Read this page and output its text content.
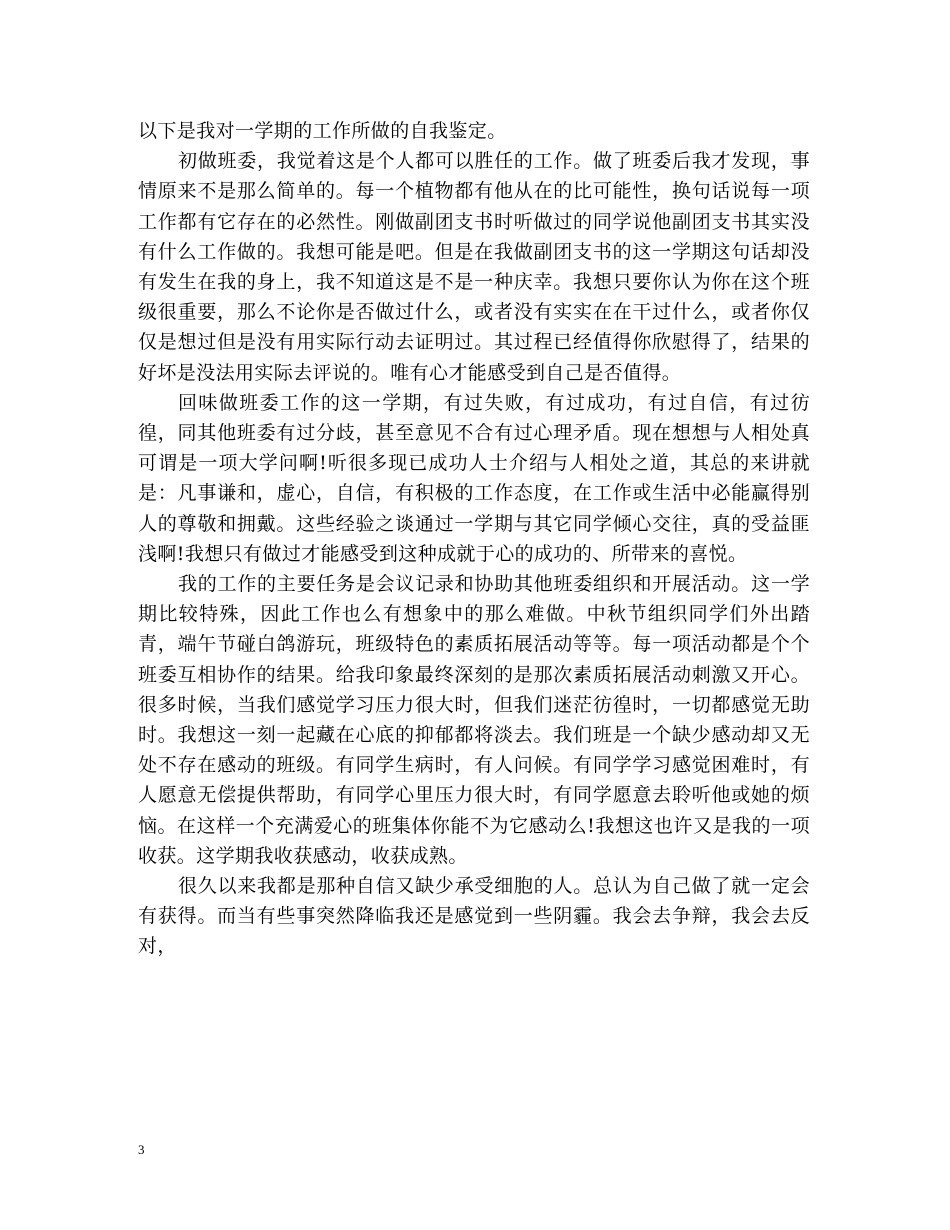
以下是我对一学期的工作所做的自我鉴定。

初做班委，我觉着这是个人都可以胜任的工作。做了班委后我才发现，事情原来不是那么简单的。每一个植物都有他从在的比可能性，换句话说每一项工作都有它存在的必然性。刚做副团支书时听做过的同学说他副团支书其实没有什么工作做的。我想可能是吧。但是在我做副团支书的这一学期这句话却没有发生在我的身上，我不知道这是不是一种庆幸。我想只要你认为你在这个班级很重要，那么不论你是否做过什么，或者没有实实在在干过什么，或者你仅仅是想过但是没有用实际行动去证明过。其过程已经值得你欣慰得了，结果的好坏是没法用实际去评说的。唯有心才能感受到自己是否值得。

回味做班委工作的这一学期，有过失败，有过成功，有过自信，有过彷徨，同其他班委有过分歧，甚至意见不合有过心理矛盾。现在想想与人相处真可谓是一项大学问啊!听很多现已成功人士介绍与人相处之道，其总的来讲就是：凡事谦和，虚心，自信，有积极的工作态度，在工作或生活中必能赢得别人的尊敬和拥戴。这些经验之谈通过一学期与其它同学倾心交往，真的受益匪浅啊!我想只有做过才能感受到这种成就于心的成功的、所带来的喜悦。

我的工作的主要任务是会议记录和协助其他班委组织和开展活动。这一学期比较特殊，因此工作也么有想象中的那么难做。中秋节组织同学们外出踏青，端午节碰白鸽游玩，班级特色的素质拓展活动等等。每一项活动都是个个班委互相协作的结果。给我印象最终深刻的是那次素质拓展活动刺激又开心。很多时候，当我们感觉学习压力很大时，但我们迷茫彷徨时，一切都感觉无助时。我想这一刻一起藏在心底的抑郁都将淡去。我们班是一个缺少感动却又无处不存在感动的班级。有同学生病时，有人问候。有同学学习感觉困难时，有人愿意无偿提供帮助，有同学心里压力很大时，有同学愿意去聆听他或她的烦恼。在这样一个充满爱心的班集体你能不为它感动么!我想这也许又是我的一项收获。这学期我收获感动，收获成熟。

很久以来我都是那种自信又缺少承受细胞的人。总认为自己做了就一定会有获得。而当有些事突然降临我还是感觉到一些阴霾。我会去争辩，我会去反对，

3
